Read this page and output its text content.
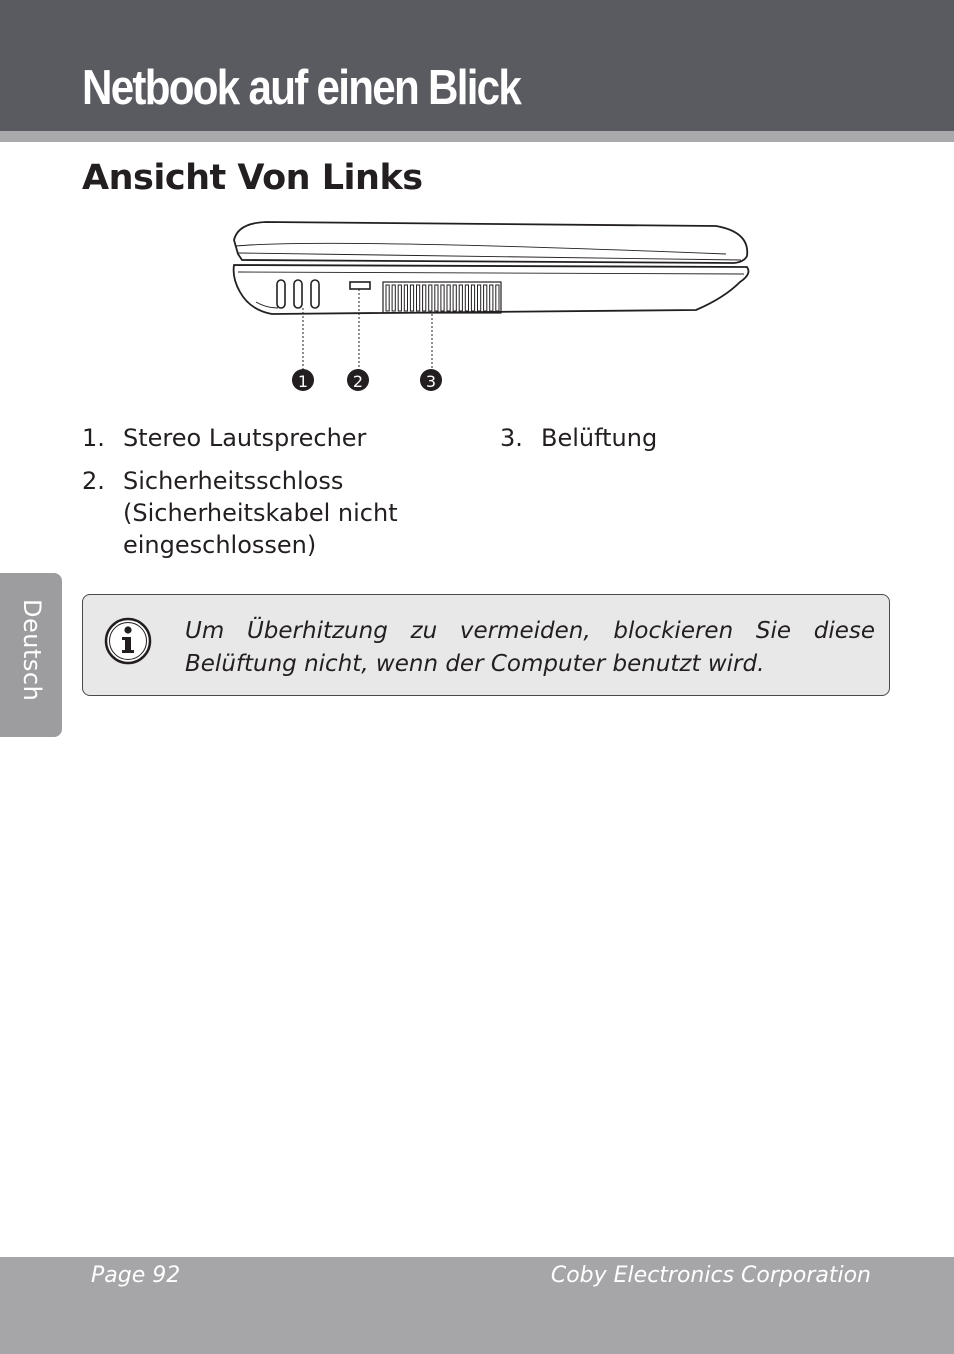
Netbook auf einen Blick
Ansicht Von Links
1	2	3
1. Stereo Lautsprecher
2. Sicherheitsschloss (Sicherheitskabel nicht eingeschlossen)
3. Belüftung
Um Überhitzung zu vermeiden, blockieren Sie diese Belüftung nicht, wenn der Computer benutzt wird.
Deutsch
Page 92	Coby Electronics Corporation
